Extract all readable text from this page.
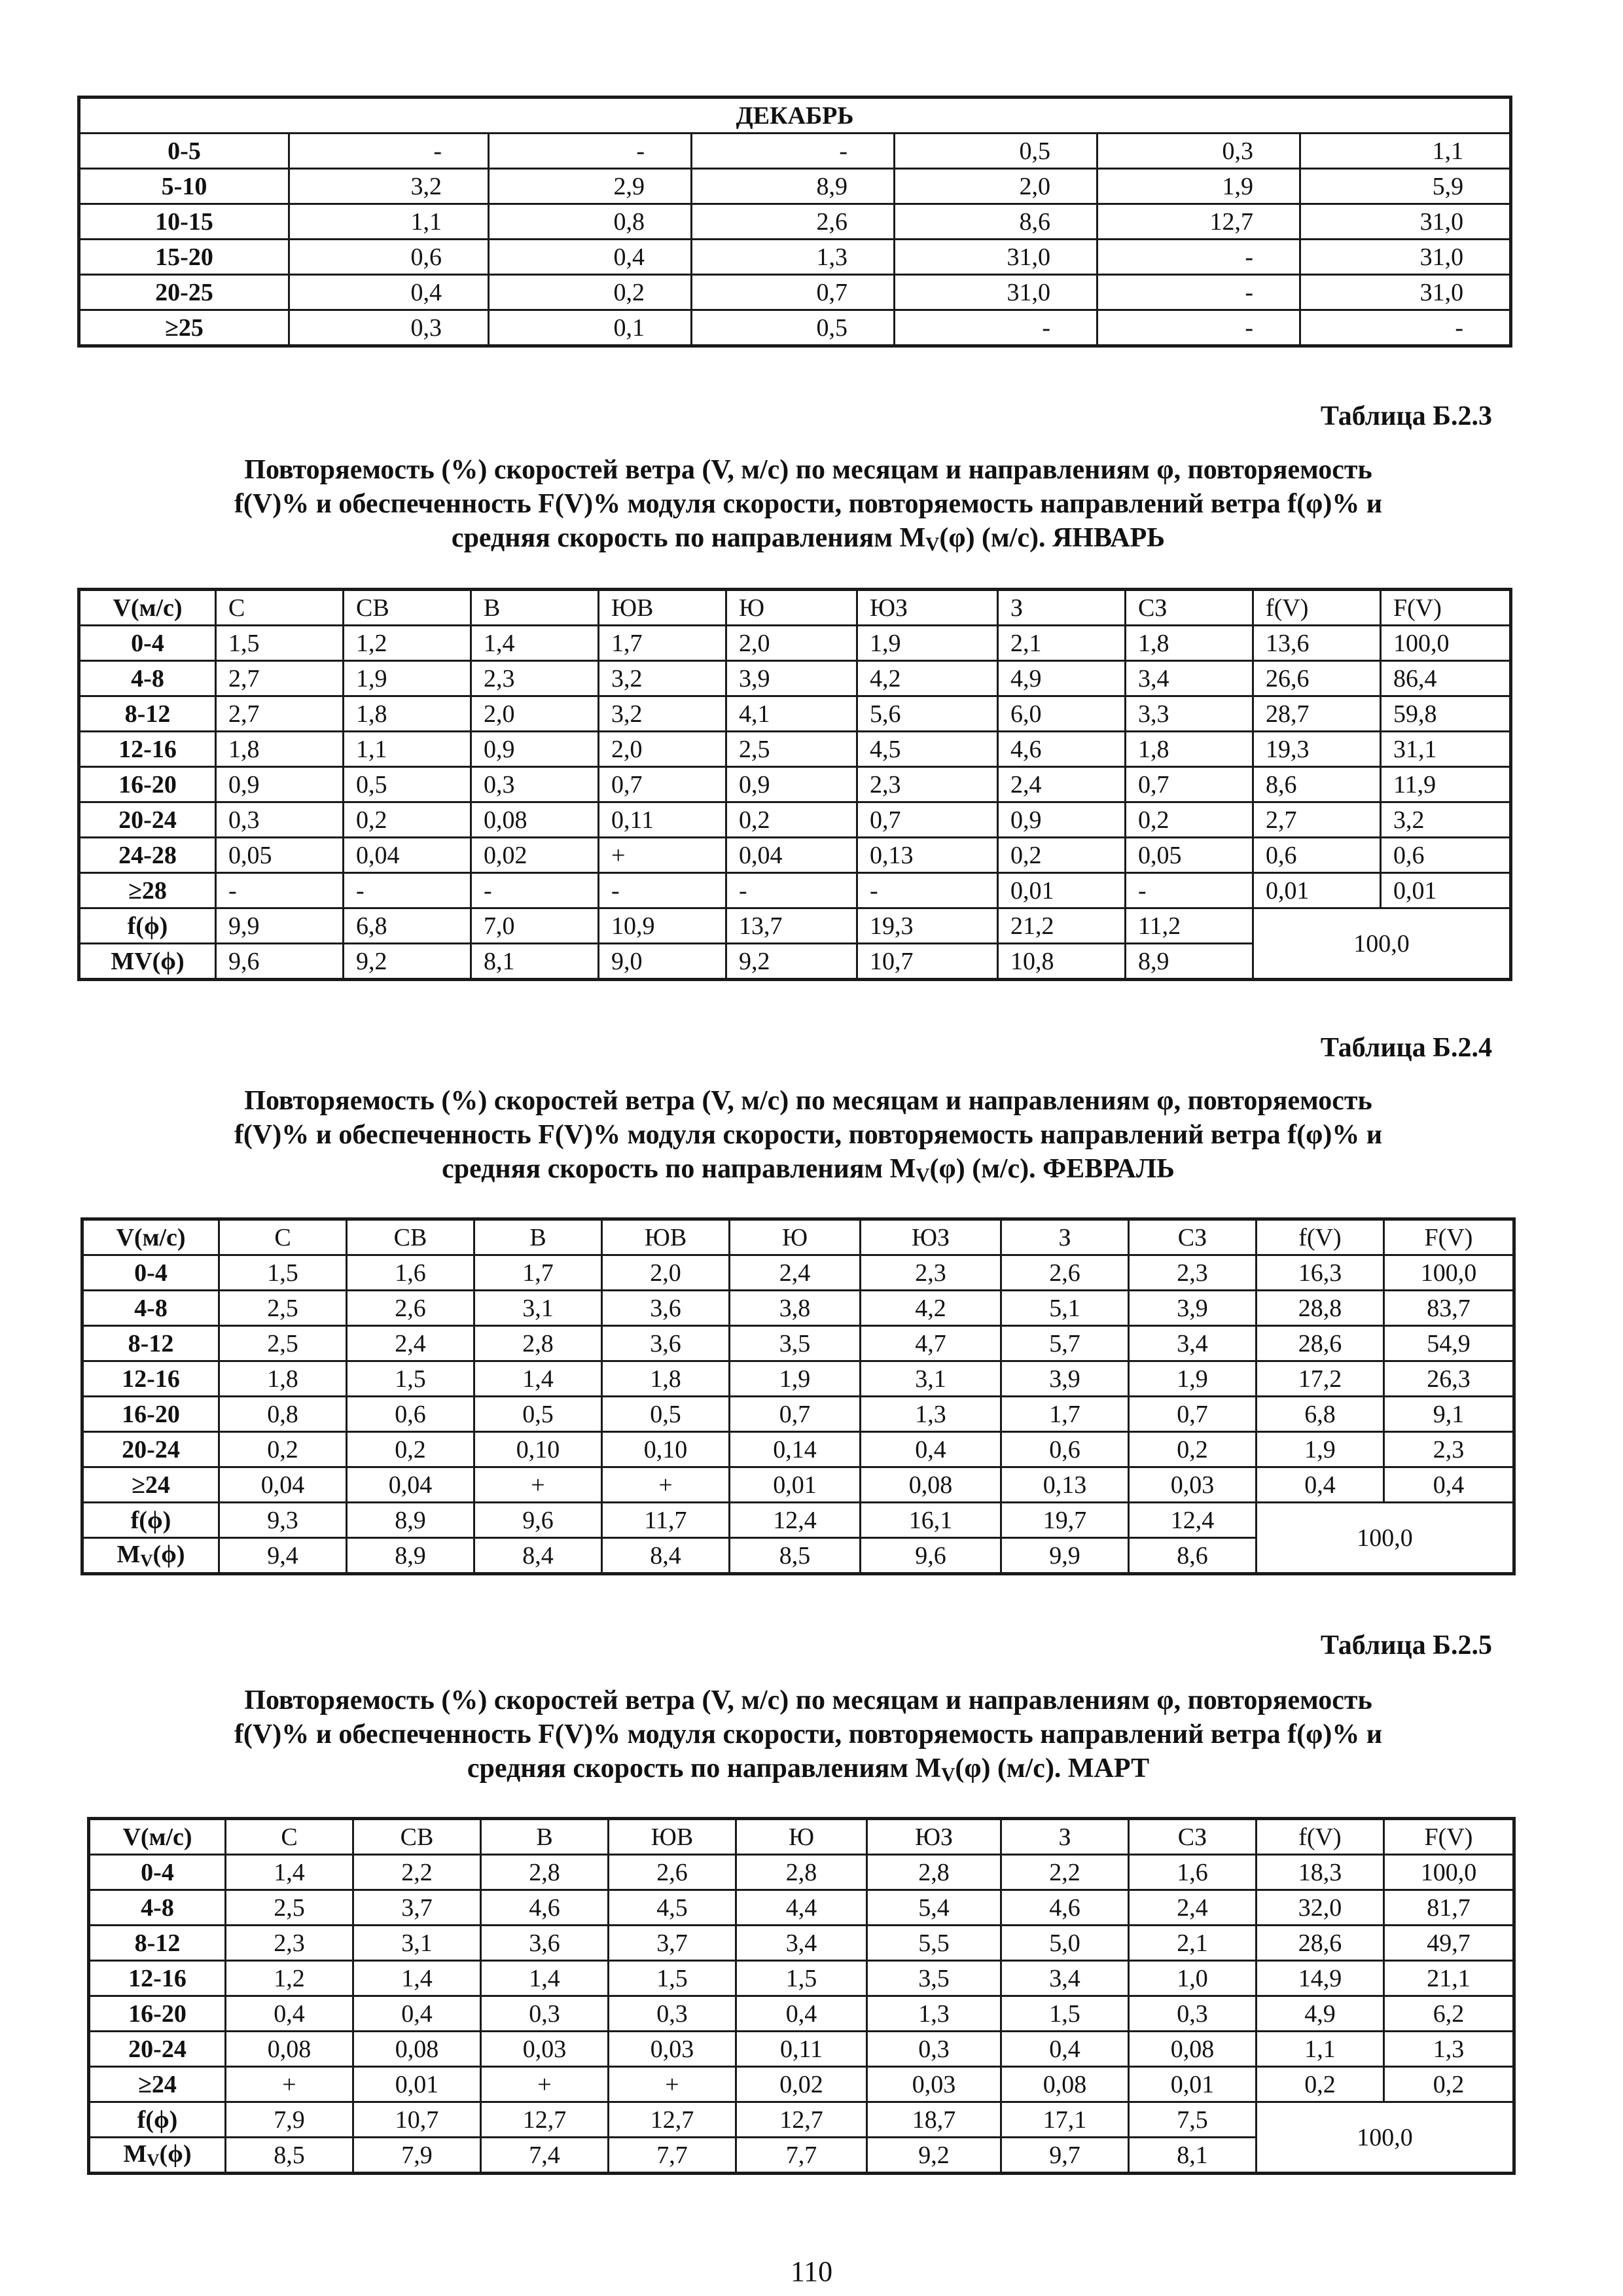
ДЕКАБРЬ						
0-5	-	-	-	0,5	0,3	1,1
5-10	3,2	2,9	8,9	2,0	1,9	5,9
10-15	1,1	0,8	2,6	8,6	12,7	31,0
15-20	0,6	0,4	1,3	31,0	-	31,0
20-25	0,4	0,2	0,7	31,0	-	31,0
≥25	0,3	0,1	0,5	-	-	-
Таблица Б.2.3
Повторяемость (%) скоростей ветра (V, м/с) по месяцам и направлениям φ, повторяемость
f(V)% и обеспеченность F(V)% модуля скорости, повторяемость направлений ветра f(φ)% и
средняя скорость по направлениям $M_V(\varphi)$ (м/с). ЯНВАРЬ
V(м/с)	С	СВ	В	ЮВ	Ю	ЮЗ	З	СЗ	f(V)	F(V)
0-4	1,5	1,2	1,4	1,7	2,0	1,9	2,1	1,8	13,6	100,0
4-8	2,7	1,9	2,3	3,2	3,9	4,2	4,9	3,4	26,6	86,4
8-12	2,7	1,8	2,0	3,2	4,1	5,6	6,0	3,3	28,7	59,8
12-16	1,8	1,1	0,9	2,0	2,5	4,5	4,6	1,8	19,3	31,1
16-20	0,9	0,5	0,3	0,7	0,9	2,3	2,4	0,7	8,6	11,9
20-24	0,3	0,2	0,08	0,11	0,2	0,7	0,9	0,2	2,7	3,2
24-28	0,05	0,04	0,02	+	0,04	0,13	0,2	0,05	0,6	0,6
≥28	-	-	-	-	-	-	0,01	-	0,01	0,01
f(ϕ)	9,9	6,8	7,0	10,9	13,7	19,3	21,2	11,2	100,0	
MV(ϕ)	9,6	9,2	8,1	9,0	9,2	10,7	10,8	8,9		
Таблица Б.2.4
Повторяемость (%) скоростей ветра (V, м/с) по месяцам и направлениям φ, повторяемость
f(V)% и обеспеченность F(V)% модуля скорости, повторяемость направлений ветра f(φ)% и
средняя скорость по направлениям $M_V(\varphi)$ (м/с). ФЕВРАЛЬ
V(м/с)	С	СВ	В	ЮВ	Ю	ЮЗ	З	СЗ	f(V)	F(V)
0-4	1,5	1,6	1,7	2,0	2,4	2,3	2,6	2,3	16,3	100,0
4-8	2,5	2,6	3,1	3,6	3,8	4,2	5,1	3,9	28,8	83,7
8-12	2,5	2,4	2,8	3,6	3,5	4,7	5,7	3,4	28,6	54,9
12-16	1,8	1,5	1,4	1,8	1,9	3,1	3,9	1,9	17,2	26,3
16-20	0,8	0,6	0,5	0,5	0,7	1,3	1,7	0,7	6,8	9,1
20-24	0,2	0,2	0,10	0,10	0,14	0,4	0,6	0,2	1,9	2,3
≥24	0,04	0,04	+	+	0,01	0,08	0,13	0,03	0,4	0,4
f(ϕ)	9,3	8,9	9,6	11,7	12,4	16,1	19,7	12,4	100,0	
$M_V(\phi)$	9,4	8,9	8,4	8,4	8,5	9,6	9,9	8,6		
Таблица Б.2.5
Повторяемость (%) скоростей ветра (V, м/с) по месяцам и направлениям φ, повторяемость
f(V)% и обеспеченность F(V)% модуля скорости, повторяемость направлений ветра f(φ)% и
средняя скорость по направлениям $M_V(\varphi)$ (м/с). МАРТ
V(м/с)	С	СВ	В	ЮВ	Ю	ЮЗ	З	СЗ	f(V)	F(V)
0-4	1,4	2,2	2,8	2,6	2,8	2,8	2,2	1,6	18,3	100,0
4-8	2,5	3,7	4,6	4,5	4,4	5,4	4,6	2,4	32,0	81,7
8-12	2,3	3,1	3,6	3,7	3,4	5,5	5,0	2,1	28,6	49,7
12-16	1,2	1,4	1,4	1,5	1,5	3,5	3,4	1,0	14,9	21,1
16-20	0,4	0,4	0,3	0,3	0,4	1,3	1,5	0,3	4,9	6,2
20-24	0,08	0,08	0,03	0,03	0,11	0,3	0,4	0,08	1,1	1,3
≥24	+	0,01	+	+	0,02	0,03	0,08	0,01	0,2	0,2
f(ϕ)	7,9	10,7	12,7	12,7	12,7	18,7	17,1	7,5	100,0	
$M_V(\phi)$	8,5	7,9	7,4	7,7	7,7	9,2	9,7	8,1		
110
